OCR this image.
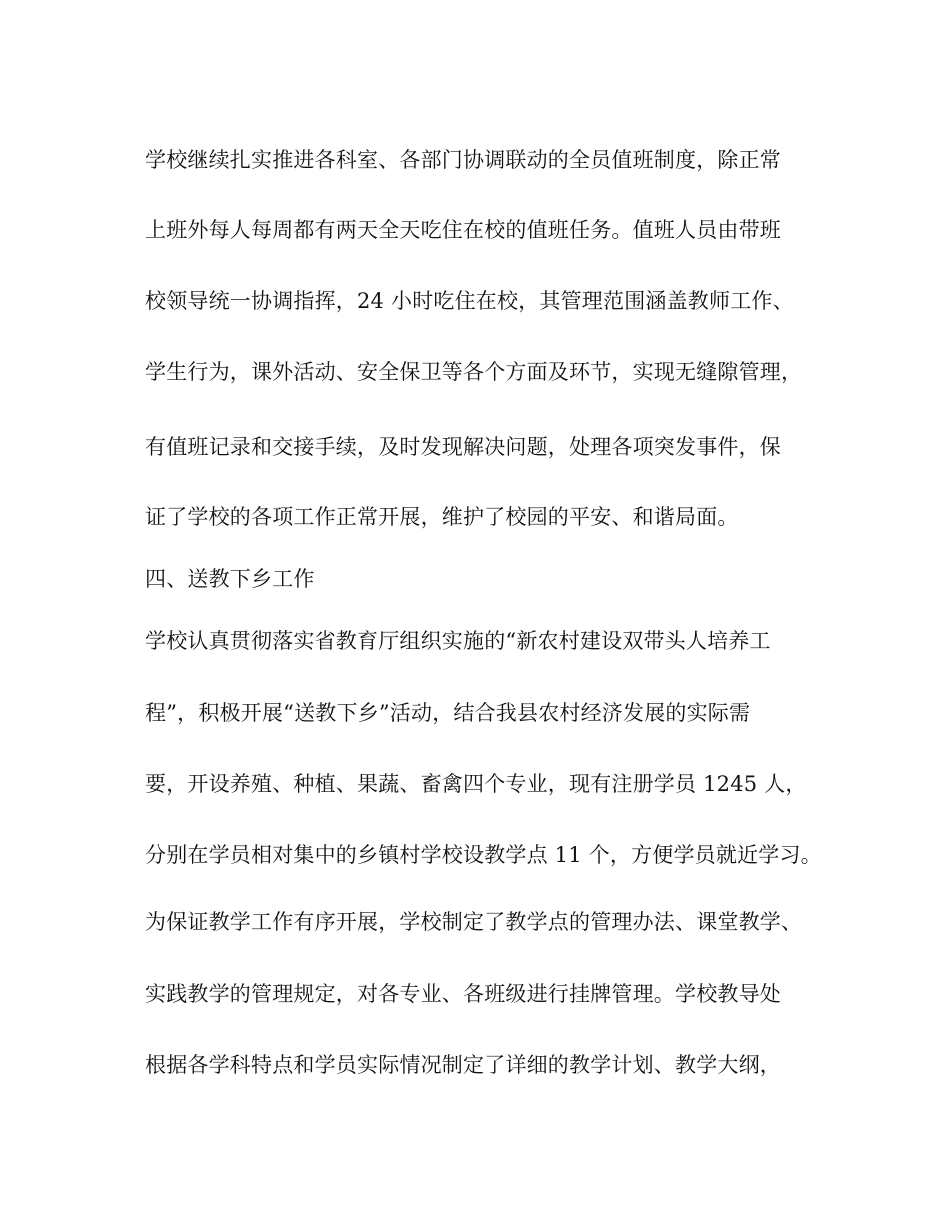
学校继续扎实推进各科室、各部门协调联动的全员值班制度，除正常
上班外每人每周都有两天全天吃住在校的值班任务。值班人员由带班
校领导统一协调指挥，24 小时吃住在校，其管理范围涵盖教师工作、
学生行为，课外活动、安全保卫等各个方面及环节，实现无缝隙管理，
有值班记录和交接手续，及时发现解决问题，处理各项突发事件，保
证了学校的各项工作正常开展，维护了校园的平安、和谐局面。
四、送教下乡工作
学校认真贯彻落实省教育厅组织实施的“新农村建设双带头人培养工
程”，积极开展“送教下乡”活动，结合我县农村经济发展的实际需
要，开设养殖、种植、果蔬、畜禽四个专业，现有注册学员 1245 人，
分别在学员相对集中的乡镇村学校设教学点 11 个，方便学员就近学习。
为保证教学工作有序开展，学校制定了教学点的管理办法、课堂教学、
实践教学的管理规定，对各专业、各班级进行挂牌管理。学校教导处
根据各学科特点和学员实际情况制定了详细的教学计划、教学大纲，
